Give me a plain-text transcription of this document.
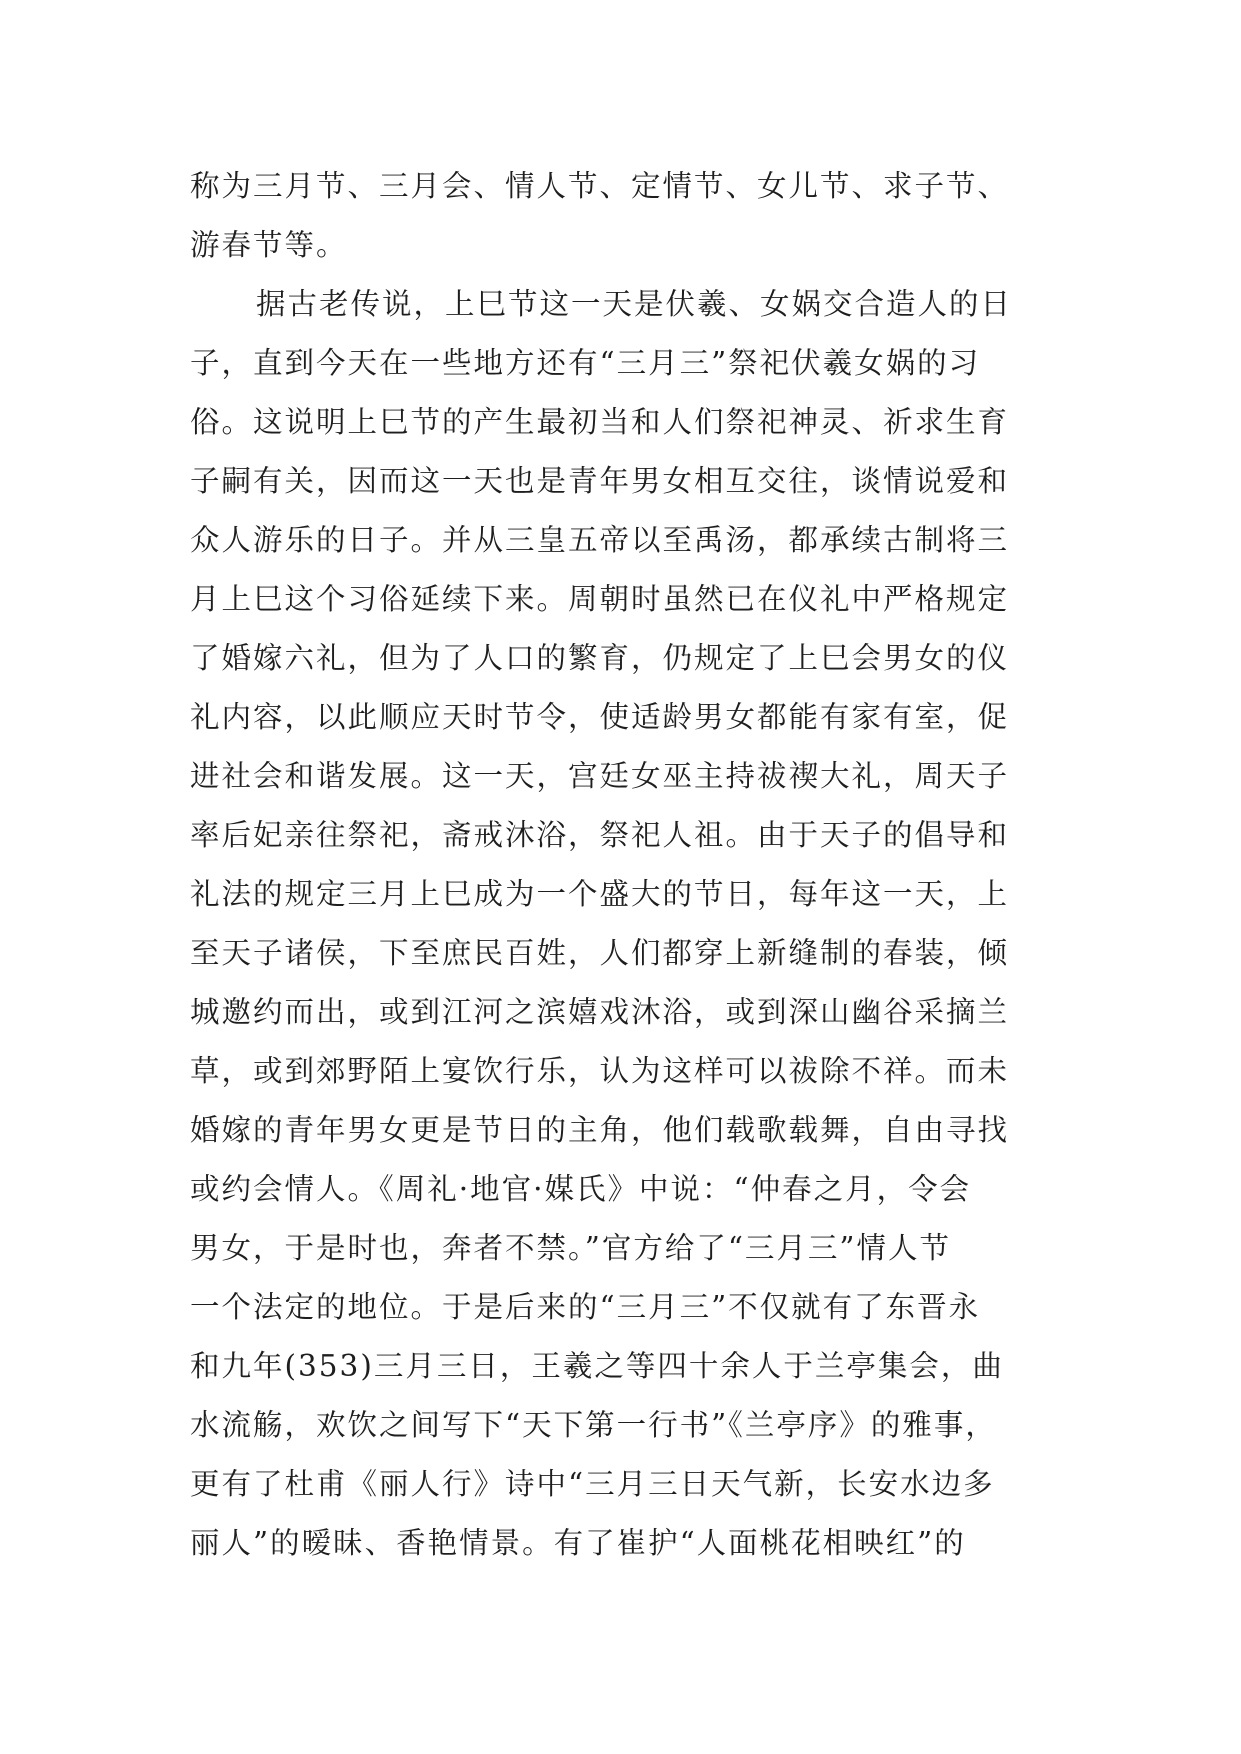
称为三月节、三月会、情人节、定情节、女儿节、求子节、
游春节等。
据古老传说，上巳节这一天是伏羲、女娲交合造人的日
子，直到今天在一些地方还有“三月三”祭祀伏羲女娲的习
俗。这说明上巳节的产生最初当和人们祭祀神灵、祈求生育
子嗣有关，因而这一天也是青年男女相互交往，谈情说爱和
众人游乐的日子。并从三皇五帝以至禹汤，都承续古制将三
月上巳这个习俗延续下来。周朝时虽然已在仪礼中严格规定
了婚嫁六礼，但为了人口的繁育，仍规定了上巳会男女的仪
礼内容，以此顺应天时节令，使适龄男女都能有家有室，促
进社会和谐发展。这一天，宫廷女巫主持祓禊大礼，周天子
率后妃亲往祭祀，斋戒沐浴，祭祀人祖。由于天子的倡导和
礼法的规定三月上巳成为一个盛大的节日，每年这一天，上
至天子诸侯，下至庶民百姓，人们都穿上新缝制的春装，倾
城邀约而出，或到江河之滨嬉戏沐浴，或到深山幽谷采摘兰
草，或到郊野陌上宴饮行乐，认为这样可以祓除不祥。而未
婚嫁的青年男女更是节日的主角，他们载歌载舞，自由寻找
或约会情人。《周礼·地官·媒氏》中说：“仲春之月，令会
男女，于是时也，奔者不禁。”官方给了“三月三”情人节
一个法定的地位。于是后来的“三月三”不仅就有了东晋永
和九年(353)三月三日，王羲之等四十余人于兰亭集会，曲
水流觞，欢饮之间写下“天下第一行书”《兰亭序》的雅事，
更有了杜甫《丽人行》诗中“三月三日天气新，长安水边多
丽人”的暧昧、香艳情景。有了崔护“人面桃花相映红”的
